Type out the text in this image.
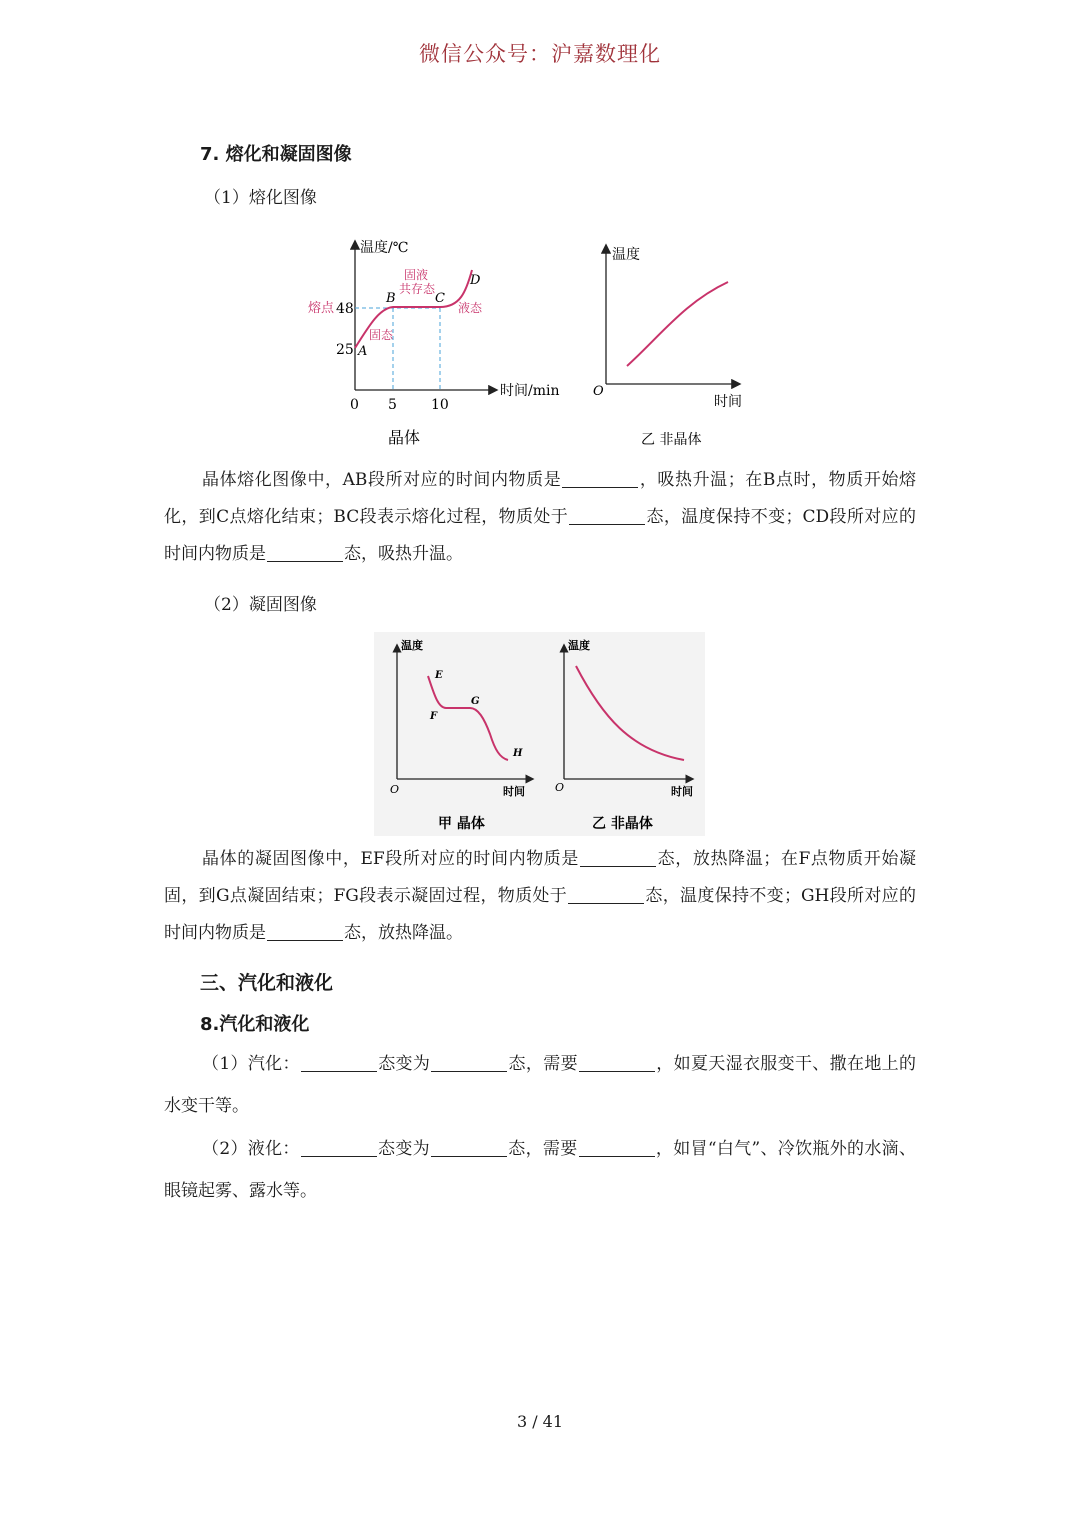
微信公众号：沪嘉数理化
7. 熔化和凝固图像
（1）熔化图像
温度/℃
时间/min
0 5 10
25
48
熔点
A
B	C
D
固态
固液
共存态
液态
晶体
温度
O
时间
乙 非晶体

晶体熔化图像中，AB段所对应的时间内物质是	，吸热升温；在B点时，物质开始熔化，到C点熔化结束；BC段表示熔化过程，物质处于	态，温度保持不变；CD段所对应的时间内物质是	态，吸热升温。

（2）凝固图像
温度
O	时间
E
F
G
H
甲 晶体
温度
O	时间
乙 非晶体

晶体的凝固图像中，EF段所对应的时间内物质是	态，放热降温；在F点物质开始凝固，到G点凝固结束；FG段表示凝固过程，物质处于	态，温度保持不变；GH段所对应的时间内物质是	态，放热降温。

三、汽化和液化
8.汽化和液化

（1）汽化：	态变为	态，需要	，如夏天湿衣服变干、撒在地上的水变干等。

（2）液化：	态变为	态，需要	，如冒“白气”、冷饮瓶外的水滴、眼镜起雾、露水等。

3 / 41
